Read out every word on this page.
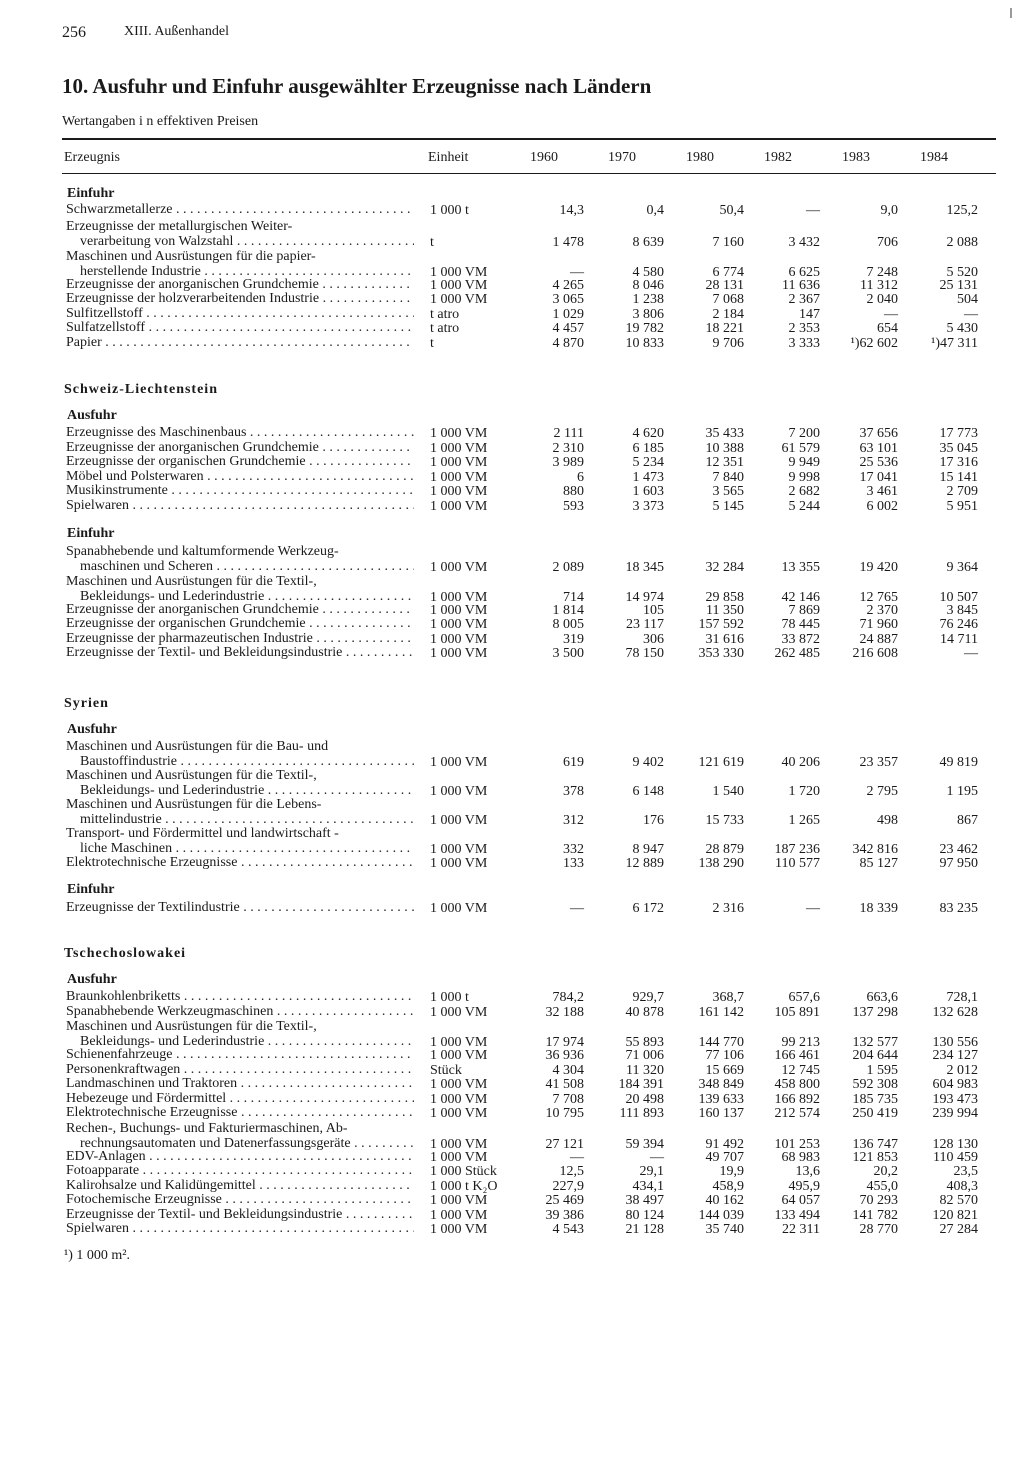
256	XIII. Außenhandel
10. Ausfuhr und Einfuhr ausgewählter Erzeugnisse nach Ländern
Wertangaben i n effektiven Preisen
Erzeugnis	Einheit	1960	1970	1980	1982	1983	1984
Einfuhr
Schwarzmetallerze . . .	1 000 t	14,3	0,4	50,4	—	9,0	125,2
Erzeugnisse der metallurgischen Weiter-
verarbeitung von Walzstahl . . .	t	1 478	8 639	7 160	3 432	706	2 088
Maschinen und Ausrüstungen für die papier-
herstellende Industrie . . .	1 000 VM	—	4 580	6 774	6 625	7 248	5 520
Erzeugnisse der anorganischen Grundchemie . . .	1 000 VM	4 265	8 046	28 131	11 636	11 312	25 131
Erzeugnisse der holzverarbeitenden Industrie . . .	1 000 VM	3 065	1 238	7 068	2 367	2 040	504
Sulfitzellstoff . . .	t atro	1 029	3 806	2 184	147	—	—
Sulfatzellstoff . . .	t atro	4 457	19 782	18 221	2 353	654	5 430
Papier . . .	t	4 870	10 833	9 706	3 333	¹)62 602	¹)47 311
Schweiz-Liechtenstein
Ausfuhr
Erzeugnisse des Maschinenbaus . . .	1 000 VM	2 111	4 620	35 433	7 200	37 656	17 773
Erzeugnisse der anorganischen Grundchemie . . .	1 000 VM	2 310	6 185	10 388	61 579	63 101	35 045
Erzeugnisse der organischen Grundchemie . . .	1 000 VM	3 989	5 234	12 351	9 949	25 536	17 316
Möbel und Polsterwaren . . .	1 000 VM	6	1 473	7 840	9 998	17 041	15 141
Musikinstrumente . . .	1 000 VM	880	1 603	3 565	2 682	3 461	2 709
Spielwaren . . .	1 000 VM	593	3 373	5 145	5 244	6 002	5 951
Einfuhr
Spanabhebende und kaltumformende Werkzeug-
maschinen und Scheren . . .	1 000 VM	2 089	18 345	32 284	13 355	19 420	9 364
Maschinen und Ausrüstungen für die Textil-,
Bekleidungs- und Lederindustrie . . .	1 000 VM	714	14 974	29 858	42 146	12 765	10 507
Erzeugnisse der anorganischen Grundchemie . . .	1 000 VM	1 814	105	11 350	7 869	2 370	3 845
Erzeugnisse der organischen Grundchemie . . .	1 000 VM	8 005	23 117	157 592	78 445	71 960	76 246
Erzeugnisse der pharmazeutischen Industrie . . .	1 000 VM	319	306	31 616	33 872	24 887	14 711
Erzeugnisse der Textil- und Bekleidungsindustrie . . .	1 000 VM	3 500	78 150	353 330	262 485	216 608	—
Syrien
Ausfuhr
Maschinen und Ausrüstungen für die Bau- und
Baustoffindustrie . . .	1 000 VM	619	9 402	121 619	40 206	23 357	49 819
Maschinen und Ausrüstungen für die Textil-,
Bekleidungs- und Lederindustrie . . .	1 000 VM	378	6 148	1 540	1 720	2 795	1 195
Maschinen und Ausrüstungen für die Lebens-
mittelindustrie . . .	1 000 VM	312	176	15 733	1 265	498	867
Transport- und Fördermittel und landwirtschaft -
liche Maschinen . . .	1 000 VM	332	8 947	28 879	187 236	342 816	23 462
Elektrotechnische Erzeugnisse . . .	1 000 VM	133	12 889	138 290	110 577	85 127	97 950
Einfuhr
Erzeugnisse der Textilindustrie . . .	1 000 VM	—	6 172	2 316	—	18 339	83 235
Tschechoslowakei
Ausfuhr
Braunkohlenbriketts . . .	1 000 t	784,2	929,7	368,7	657,6	663,6	728,1
Spanabhebende Werkzeugmaschinen . . .	1 000 VM	32 188	40 878	161 142	105 891	137 298	132 628
Maschinen und Ausrüstungen für die Textil-,
Bekleidungs- und Lederindustrie . . .	1 000 VM	17 974	55 893	144 770	99 213	132 577	130 556
Schienenfahrzeuge . . .	1 000 VM	36 936	71 006	77 106	166 461	204 644	234 127
Personenkraftwagen . . .	Stück	4 304	11 320	15 669	12 745	1 595	2 012
Landmaschinen und Traktoren . . .	1 000 VM	41 508	184 391	348 849	458 800	592 308	604 983
Hebezeuge und Fördermittel . . .	1 000 VM	7 708	20 498	139 633	166 892	185 735	193 473
Elektrotechnische Erzeugnisse . . .	1 000 VM	10 795	111 893	160 137	212 574	250 419	239 994
Rechen-, Buchungs- und Fakturiermaschinen, Ab-
rechnungsautomaten und Datenerfassungsgeräte . . .	1 000 VM	27 121	59 394	91 492	101 253	136 747	128 130
EDV-Anlagen . . .	1 000 VM	—	—	49 707	68 983	121 853	110 459
Fotoapparate . . .	1 000 Stück	12,5	29,1	19,9	13,6	20,2	23,5
Kalirohsalze und Kalidüngemittel . . .	1 000 t K₂O	227,9	434,1	458,9	495,9	455,0	408,3
Fotochemische Erzeugnisse . . .	1 000 VM	25 469	38 497	40 162	64 057	70 293	82 570
Erzeugnisse der Textil- und Bekleidungsindustrie . . .	1 000 VM	39 386	80 124	144 039	133 494	141 782	120 821
Spielwaren . . .	1 000 VM	4 543	21 128	35 740	22 311	28 770	27 284
¹) 1 000 m².
